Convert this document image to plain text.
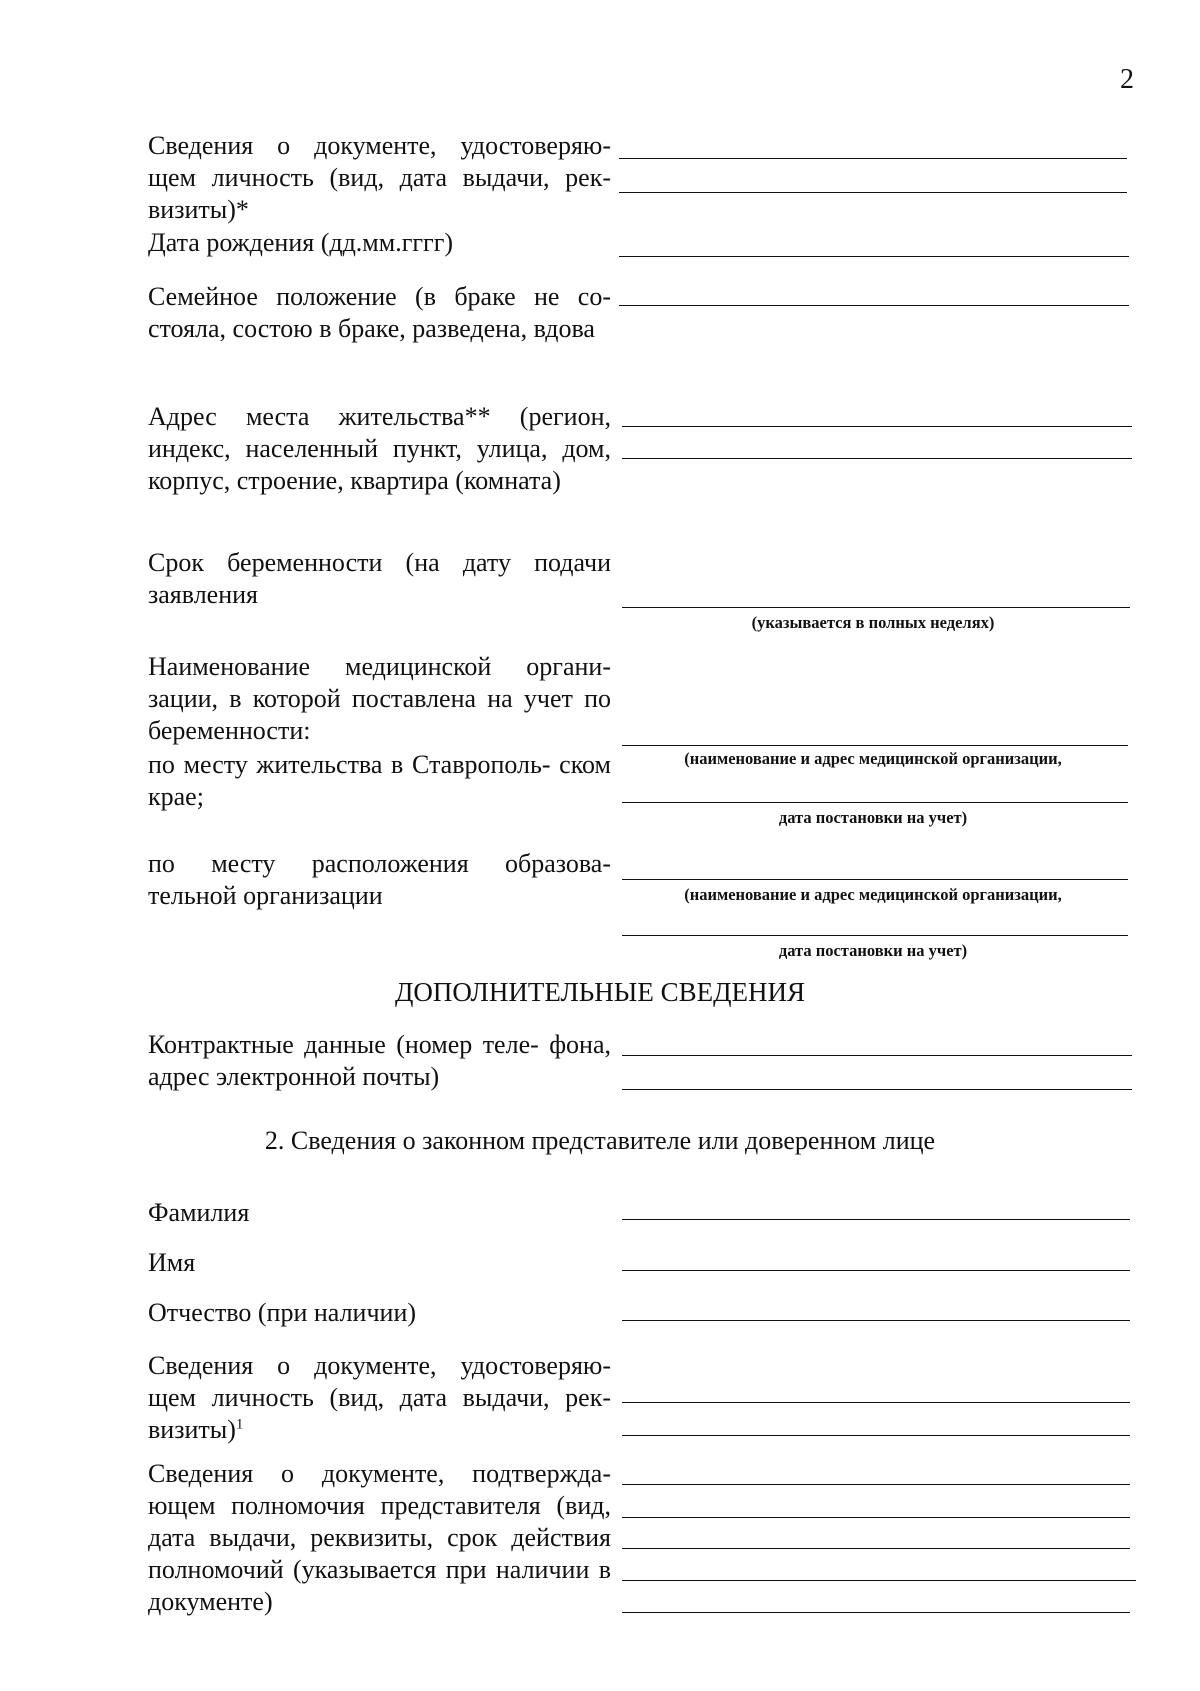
2
Сведения о документе, удостоверяю- щем личность (вид, дата выдачи, рек- визиты)*
Дата рождения (дд.мм.гггг)
Семейное положение (в браке не со- стояла, состою в браке, разведена, вдова
Адрес места жительства** (регион, индекс, населенный пункт, улица, дом, корпус, строение, квартира (комната)
Срок беременности (на дату подачи заявления
(указывается в полных неделях)
Наименование медицинской органи- зации, в которой поставлена на учет по беременности:
по месту жительства в Ставрополь- ском крае;
(наименование и адрес медицинской организации,
дата постановки на учет)
по месту расположения образова- тельной организации	(наименование и адрес медицинской организации,
дата постановки на учет)
ДОПОЛНИТЕЛЬНЫЕ СВЕДЕНИЯ
Контрактные данные (номер теле- фона, адрес электронной почты)
2. Сведения о законном представителе или доверенном лице
Фамилия
Имя
Отчество (при наличии)
Сведения о документе, удостоверяю- щем личность (вид, дата выдачи, рек- визиты)$^1$
Сведения о документе, подтвержда- ющем полномочия представителя (вид, дата выдачи, реквизиты, срок действия полномочий (указывается при наличии в документе)
